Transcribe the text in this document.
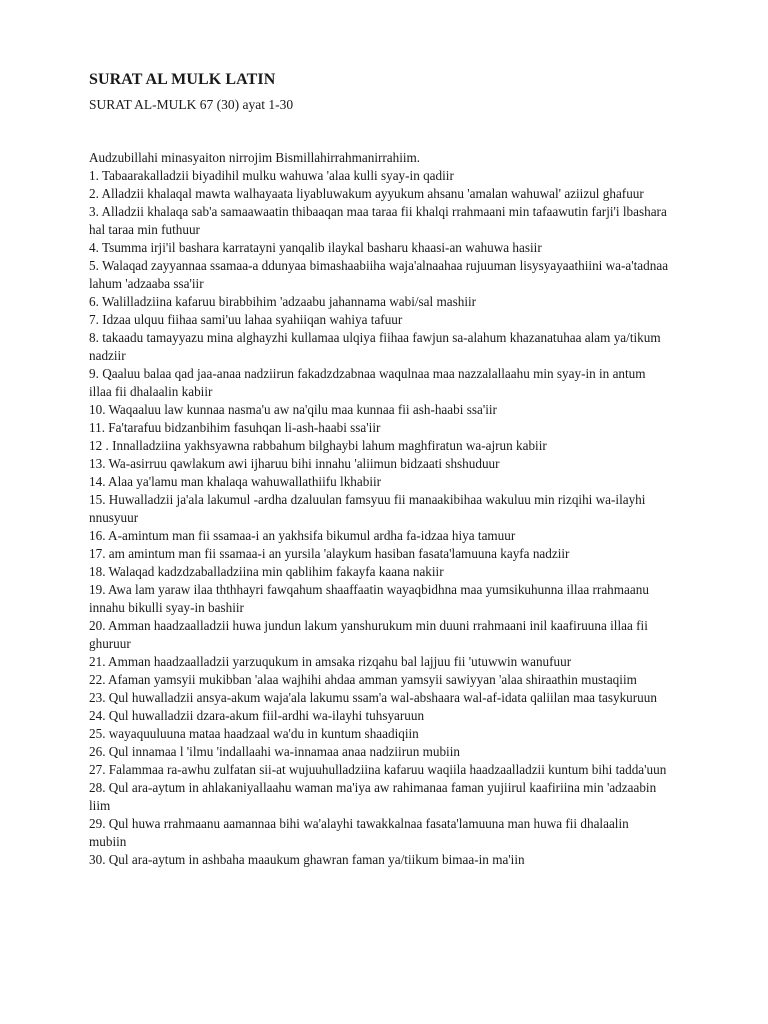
SURAT AL MULK LATIN

SURAT AL-MULK 67 (30) ayat 1-30

Audzubillahi minasyaiton nirrojim Bismillahirrahmanirrahiim.

1. Tabaarakalladzii biyadihil mulku wahuwa 'alaa kulli syay-in qadiir

2. Alladzii khalaqal mawta walhayaata liyabluwakum ayyukum ahsanu 'amalan wahuwal' aziizul ghafuur

3. Alladzii khalaqa sab'a samaawaatin thibaaqan maa taraa fii khalqi rrahmaani min tafaawutin farji'i lbashara hal taraa min futhuur

4. Tsumma irji'il bashara karratayni yanqalib ilaykal basharu khaasi-an wahuwa hasiir

5. Walaqad zayyannaa ssamaa-a ddunyaa bimashaabiiha waja'alnaahaa rujuuman lisysyayaathiini wa-a'tadnaa lahum 'adzaaba ssa'iir

6. Walilladziina kafaruu birabbihim 'adzaabu jahannama wabi/sal mashiir

7. Idzaa ulquu fiihaa sami'uu lahaa syahiiqan wahiya tafuur

8. takaadu tamayyazu mina alghayzhi kullamaa ulqiya fiihaa fawjun sa-alahum khazanatuhaa alam ya/tikum nadziir

9. Qaaluu balaa qad jaa-anaa nadziirun fakadzdzabnaa waqulnaa maa nazzalallaahu min syay-in in antum illaa fii dhalaalin kabiir

10. Waqaaluu law kunnaa nasma'u aw na'qilu maa kunnaa fii ash-haabi ssa'iir

11. Fa'tarafuu bidzanbihim fasuhqan li-ash-haabi ssa'iir

12 . Innalladziina yakhsyawna rabbahum bilghaybi lahum maghfiratun wa-ajrun kabiir

13. Wa-asirruu qawlakum awi ijharuu bihi innahu 'aliimun bidzaati shshuduur

14. Alaa ya'lamu man khalaqa wahuwallathiifu lkhabiir

15. Huwalladzii ja'ala lakumul -ardha dzaluulan famsyuu fii manaakibihaa wakuluu min rizqihi wa-ilayhi nnusyuur

16. A-amintum man fii ssamaa-i an yakhsifa bikumul ardha fa-idzaa hiya tamuur

17. am amintum man fii ssamaa-i an yursila 'alaykum hasiban fasata'lamuuna kayfa nadziir

18. Walaqad kadzdzaballadziina min qablihim fakayfa kaana nakiir

19. Awa lam yaraw ilaa ththhayri fawqahum shaaffaatin wayaqbidhna maa yumsikuhunna illaa rrahmaanu innahu bikulli syay-in bashiir

20. Amman haadzaalladzii huwa jundun lakum yanshurukum min duuni rrahmaani inil kaafiruuna illaa fii ghuruur

21. Amman haadzaalladzii yarzuqukum in amsaka rizqahu bal lajjuu fii 'utuwwin wanufuur

22. Afaman yamsyii mukibban 'alaa wajhihi ahdaa amman yamsyii sawiyyan 'alaa shiraathin mustaqiim

23. Qul huwalladzii ansya-akum waja'ala lakumu ssam'a wal-abshaara wal-af-idata qaliilan maa tasykuruun

24. Qul huwalladzii dzara-akum fiil-ardhi wa-ilayhi tuhsyaruun

25. wayaquuluuna mataa haadzaal wa'du in kuntum shaadiqiin

26. Qul innamaa l 'ilmu 'indallaahi wa-innamaa anaa nadziirun mubiin

27. Falammaa ra-awhu zulfatan sii-at wujuuhulladziina kafaruu waqiila haadzaalladzii kuntum bihi tadda'uun

28. Qul ara-aytum in ahlakaniyallaahu waman ma'iya aw rahimanaa faman yujiirul kaafiriina min 'adzaabin liim

29. Qul huwa rrahmaanu aamannaa bihi wa'alayhi tawakkalnaa fasata'lamuuna man huwa fii dhalaalin mubiin

30. Qul ara-aytum in ashbaha maaukum ghawran faman ya/tiikum bimaa-in ma'iin
